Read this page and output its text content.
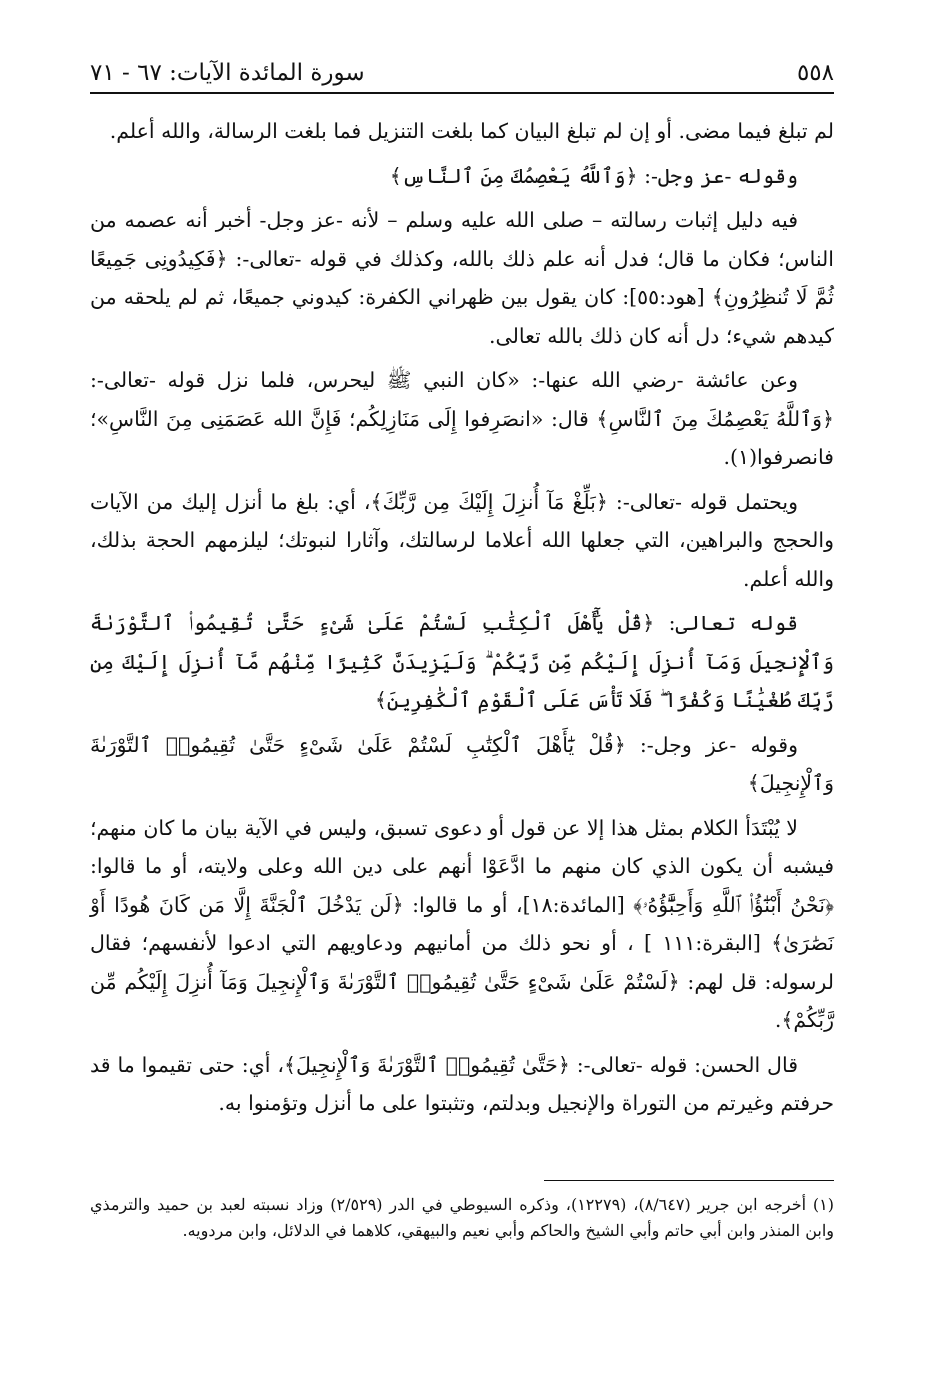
٥٥٨
سورة المائدة الآيات: ٦٧ - ٧١

لم تبلغ فيما مضى. أو إن لم تبلغ البيان كما بلغت التنزيل فما بلغت الرسالة، والله أعلم.

وقوله -عز وجل-: ﴿وَٱللَّهُ يَعْصِمُكَ مِنَ ٱلنَّاسِ﴾

فيه دليل إثبات رسالته – صلى الله عليه وسلم – لأنه -عز وجل- أخبر أنه عصمه من الناس؛ فكان ما قال؛ فدل أنه علم ذلك بالله، وكذلك في قوله -تعالى-: ﴿فَكِيدُونِى جَمِيعًا ثُمَّ لَا تُنظِرُونِ﴾ [هود:٥٥]: كان يقول بين ظهراني الكفرة: كيدوني جميعًا، ثم لم يلحقه من كيدهم شيء؛ دل أنه كان ذلك بالله تعالى.

وعن عائشة -رضي الله عنها-: «كان النبي ﷺ ليحرس، فلما نزل قوله -تعالى-: ﴿وَٱللَّهُ يَعْصِمُكَ مِنَ ٱلنَّاسِ﴾ قال: «انصَرِفوا إِلَى مَنَازِلِكُم؛ فَإِنَّ الله عَصَمَنِى مِنَ النَّاسِ»؛ فانصرفوا(١).

ويحتمل قوله -تعالى-: ﴿بَلِّغْ مَآ أُنزِلَ إِلَيْكَ مِن رَّبِّكَ﴾، أي: بلغ ما أنزل إليك من الآيات والحجج والبراهين، التي جعلها الله أعلاما لرسالتك، وآثارا لنبوتك؛ ليلزمهم الحجة بذلك، والله أعلم.

قوله تعالى: ﴿قُلْ يَٰٓأَهْلَ ٱلْكِتَٰبِ لَسْتُمْ عَلَىٰ شَىْءٍ حَتَّىٰ تُقِيمُوا۟ ٱلتَّوْرَىٰةَ وَٱلْإِنجِيلَ وَمَآ أُنزِلَ إِلَيْكُم مِّن رَّبِّكُمْ ۗ وَلَيَزِيدَنَّ كَثِيرًا مِّنْهُم مَّآ أُنزِلَ إِلَيْكَ مِن رَّبِّكَ طُغْيَٰنًا وَكُفْرًا ۖ فَلَا تَأْسَ عَلَى ٱلْقَوْمِ ٱلْكَٰفِرِينَ﴾

وقوله -عز وجل-: ﴿قُلْ يَٰٓأَهْلَ ٱلْكِتَٰبِ لَسْتُمْ عَلَىٰ شَىْءٍ حَتَّىٰ تُقِيمُوا۟ ٱلتَّوْرَىٰةَ وَٱلْإِنجِيلَ﴾

لا يُبْتَدَأ الكلام بمثل هذا إلا عن قول أو دعوى تسبق، وليس في الآية بيان ما كان منهم؛ فيشبه أن يكون الذي كان منهم ما ادَّعَوْا أنهم على دين الله وعلى ولايته، أو ما قالوا: ﴿نَحْنُ أَبْنَٰٓؤُا۟ ٱللَّهِ وَأَحِبَّٰٓؤُهُۥ﴾ [المائدة:١٨]، أو ما قالوا: ﴿لَن يَدْخُلَ ٱلْجَنَّةَ إِلَّا مَن كَانَ هُودًا أَوْ نَصَٰرَىٰ﴾ [البقرة:١١١ ] ، أو نحو ذلك من أمانيهم ودعاويهم التي ادعوا لأنفسهم؛ فقال لرسوله: قل لهم: ﴿لَسْتُمْ عَلَىٰ شَىْءٍ حَتَّىٰ تُقِيمُوا۟ ٱلتَّوْرَىٰةَ وَٱلْإِنجِيلَ وَمَآ أُنزِلَ إِلَيْكُم مِّن رَّبِّكُمْ﴾.

قال الحسن: قوله -تعالى-: ﴿حَتَّىٰ تُقِيمُوا۟ ٱلتَّوْرَىٰةَ وَٱلْإِنجِيلَ﴾، أي: حتى تقيموا ما قد حرفتم وغيرتم من التوراة والإنجيل وبدلتم، وتثبتوا على ما أنزل وتؤمنوا به.

(١) أخرجه ابن جرير (٨/٦٤٧)، (١٢٢٧٩)، وذكره السيوطي في الدر (٢/٥٢٩) وزاد نسبته لعبد بن حميد والترمذي وابن المنذر وابن أبي حاتم وأبي الشيخ والحاكم وأبي نعيم والبيهقي، كلاهما في الدلائل، وابن مردويه.
